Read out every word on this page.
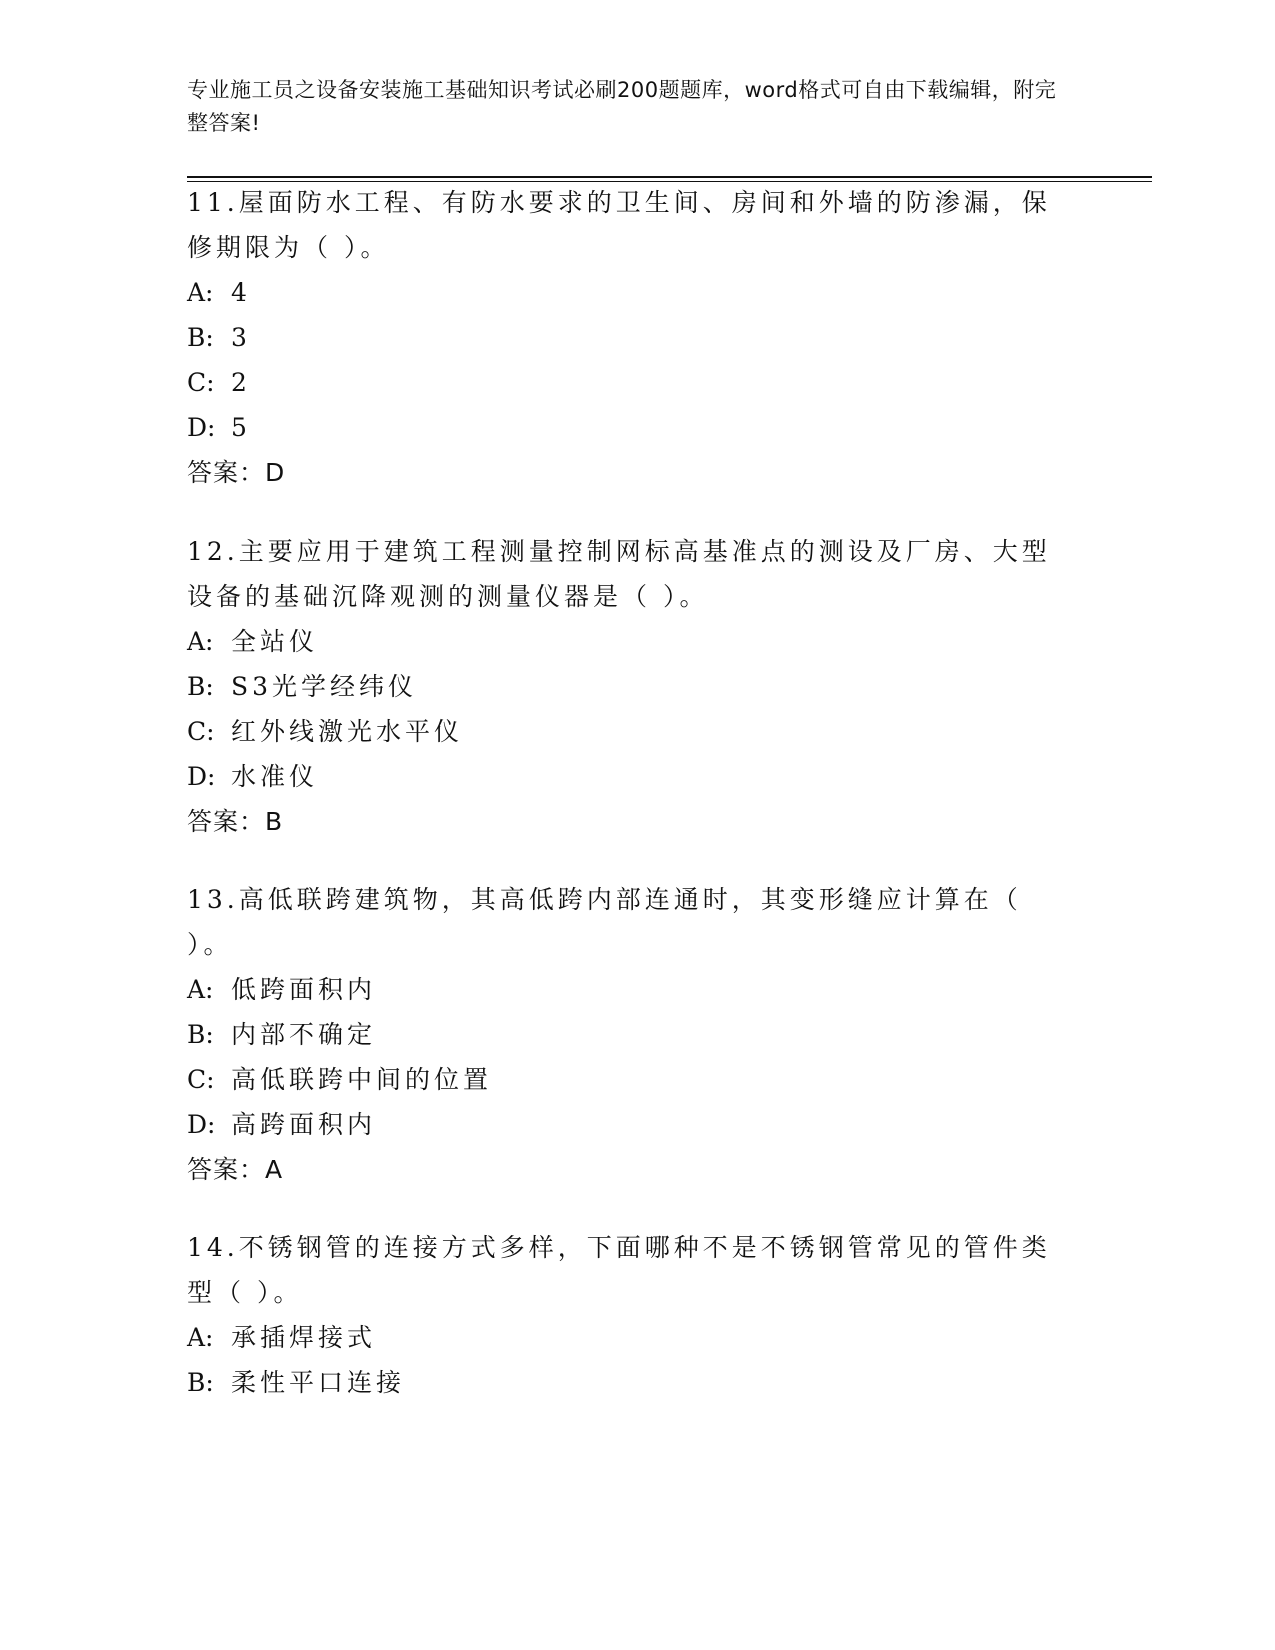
专业施工员之设备安装施工基础知识考试必刷200题题库，word格式可自由下载编辑，附完整答案!

11.屋面防水工程、有防水要求的卫生间、房间和外墙的防渗漏，保修期限为（ ）。

A: 4
B: 3
C: 2
D: 5
答案：D

12.主要应用于建筑工程测量控制网标高基准点的测设及厂房、大型设备的基础沉降观测的测量仪器是（ ）。

A: 全站仪
B: S3光学经纬仪
C: 红外线激光水平仪
D: 水准仪
答案：B

13.高低联跨建筑物，其高低跨内部连通时，其变形缝应计算在（ ）。

A: 低跨面积内
B: 内部不确定
C: 高低联跨中间的位置
D: 高跨面积内
答案：A

14.不锈钢管的连接方式多样，下面哪种不是不锈钢管常见的管件类型（ ）。

A: 承插焊接式
B: 柔性平口连接
